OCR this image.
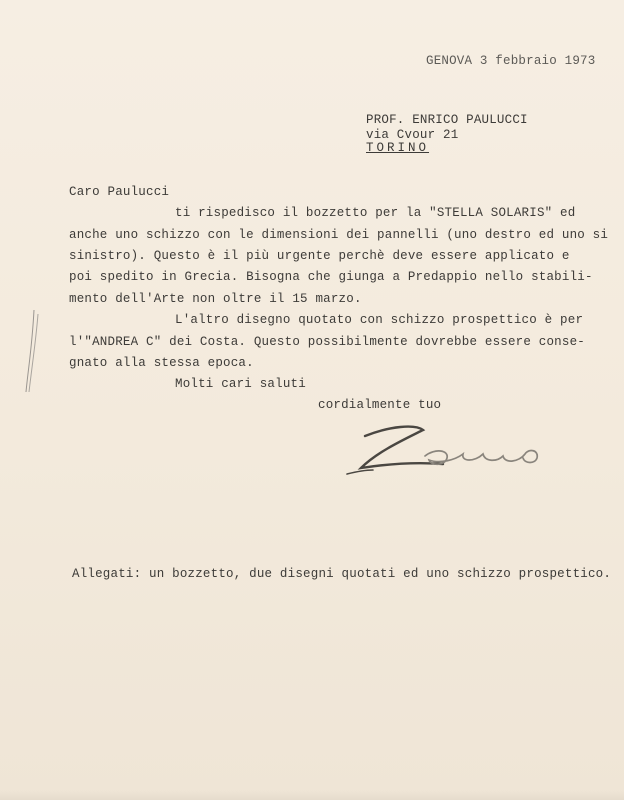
GENOVA 3 febbraio 1973
PROF. ENRICO PAULUCCI
via Cvour 21
TORINO
Caro Paulucci
ti rispedisco il bozzetto per la "STELLA SOLARIS" ed
anche uno schizzo con le dimensioni dei pannelli (uno destro ed uno si
sinistro). Questo è il più urgente perchè deve essere applicato e
poi spedito in Grecia. Bisogna che giunga a Predappio nello stabili-
mento dell'Arte non oltre il 15 marzo.
L'altro disegno quotato con schizzo prospettico è per
l'"ANDREA C" dei Costa. Questo possibilmente dovrebbe essere conse-
gnato alla stessa epoca.
Molti cari saluti
cordialmente tuo
Allegati: un bozzetto, due disegni quotati ed uno schizzo prospettico.
